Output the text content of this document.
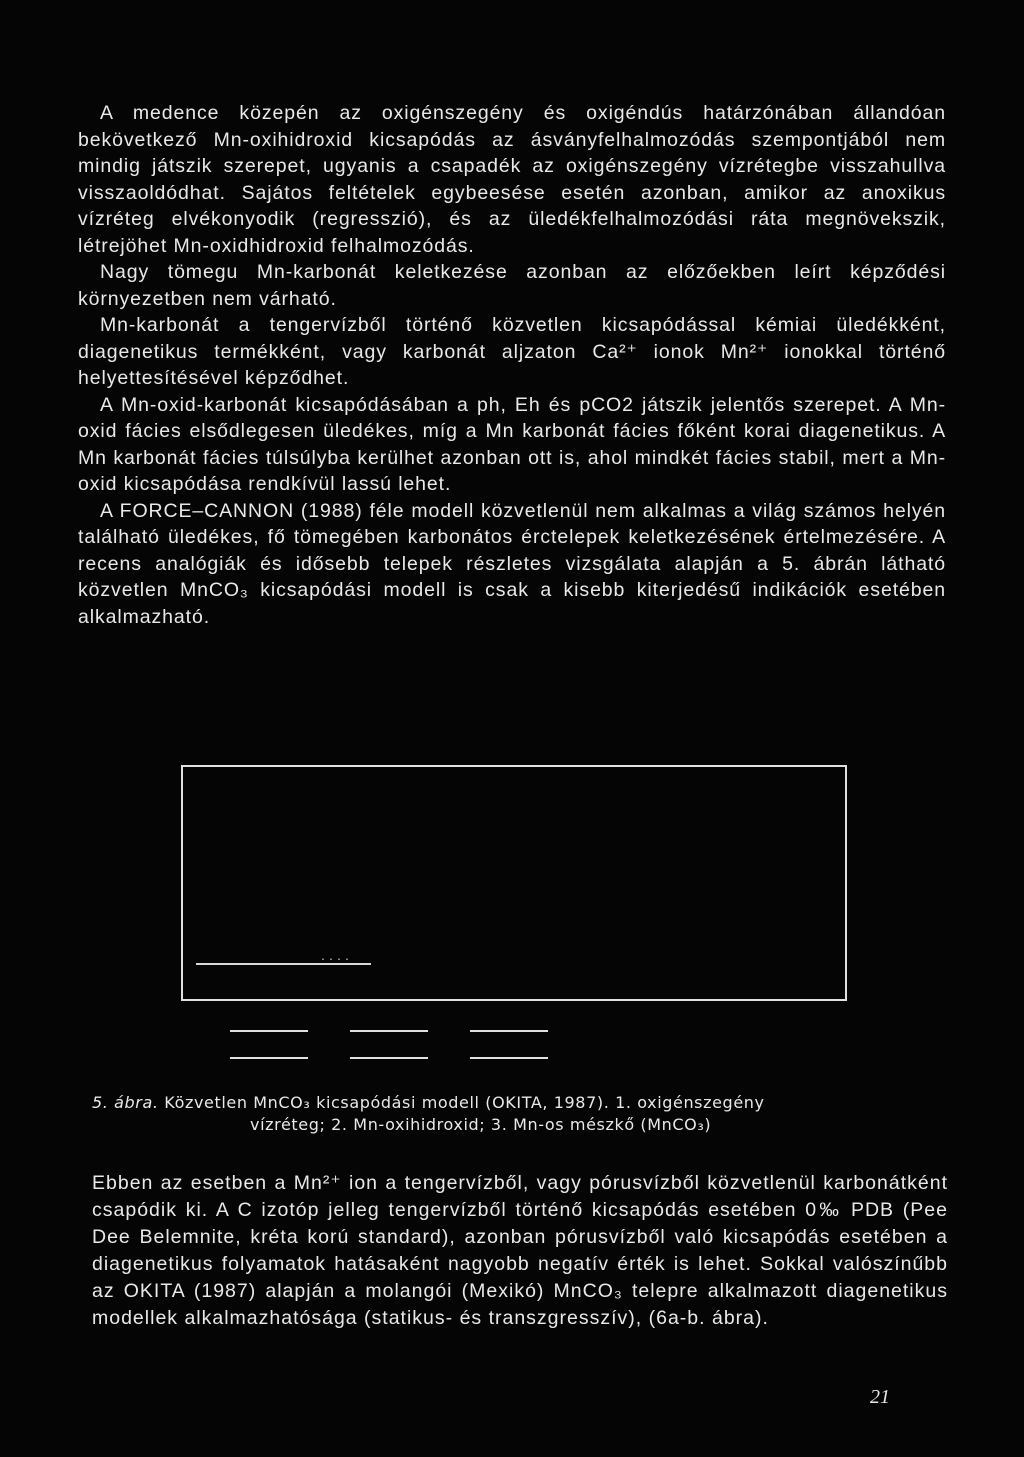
A medence közepén az oxigénszegény és oxigéndús határzónában állandóan bekövetkező Mn-oxihidroxid kicsapódás az ásványfelhalmozódás szempontjából nem mindig játszik szerepet, ugyanis a csapadék az oxigénszegény vízrétegbe visszahullva visszaoldódhat. Sajátos feltételek egybeesése esetén azonban, amikor az anoxikus vízréteg elvékonyodik (regresszió), és az üledékfelhalmozódási ráta megnövekszik, létrejöhet Mn-oxidhidroxid felhalmozódás.

Nagy tömegu Mn-karbonát keletkezése azonban az előzőekben leírt képződési környezetben nem várható.

Mn-karbonát a tengervízből történő közvetlen kicsapódással kémiai üledékként, diagenetikus termékként, vagy karbonát aljzaton Ca²⁺ ionok Mn²⁺ ionokkal történő helyettesítésével képződhet.

A Mn-oxid-karbonát kicsapódásában a ph, Eh és pCO2 játszik jelentős szerepet. A Mn-oxid fácies elsődlegesen üledékes, míg a Mn karbonát fácies főként korai diagenetikus. A Mn karbonát fácies túlsúlyba kerülhet azonban ott is, ahol mindkét fácies stabil, mert a Mn-oxid kicsapódása rendkívül lassú lehet.

A FORCE–CANNON (1988) féle modell közvetlenül nem alkalmas a világ számos helyén található üledékes, fő tömegében karbonátos érctelepek keletkezésének értelmezésére. A recens analógiák és idősebb telepek részletes vizsgálata alapján a 5. ábrán látható közvetlen MnCO₃ kicsapódási modell is csak a kisebb kiterjedésű indikációk esetében alkalmazható.

....
5. ábra. Közvetlen MnCO₃ kicsapódási modell (OKITA, 1987). 1. oxigénszegény
vízréteg; 2. Mn-oxihidroxid; 3. Mn-os mészkő (MnCO₃)

Ebben az esetben a Mn²⁺ ion a tengervízből, vagy pórusvízből közvetlenül karbonátként csapódik ki. A C izotóp jelleg tengervízből történő kicsapódás esetében 0‰ PDB (Pee Dee Belemnite, kréta korú standard), azonban pórusvízből való kicsapódás esetében a diagenetikus folyamatok hatásaként nagyobb negatív érték is lehet. Sokkal valószínűbb az OKITA (1987) alapján a molangói (Mexikó) MnCO₃ telepre alkalmazott diagenetikus modellek alkalmazhatósága (statikus- és transzgresszív), (6a-b. ábra).

21
